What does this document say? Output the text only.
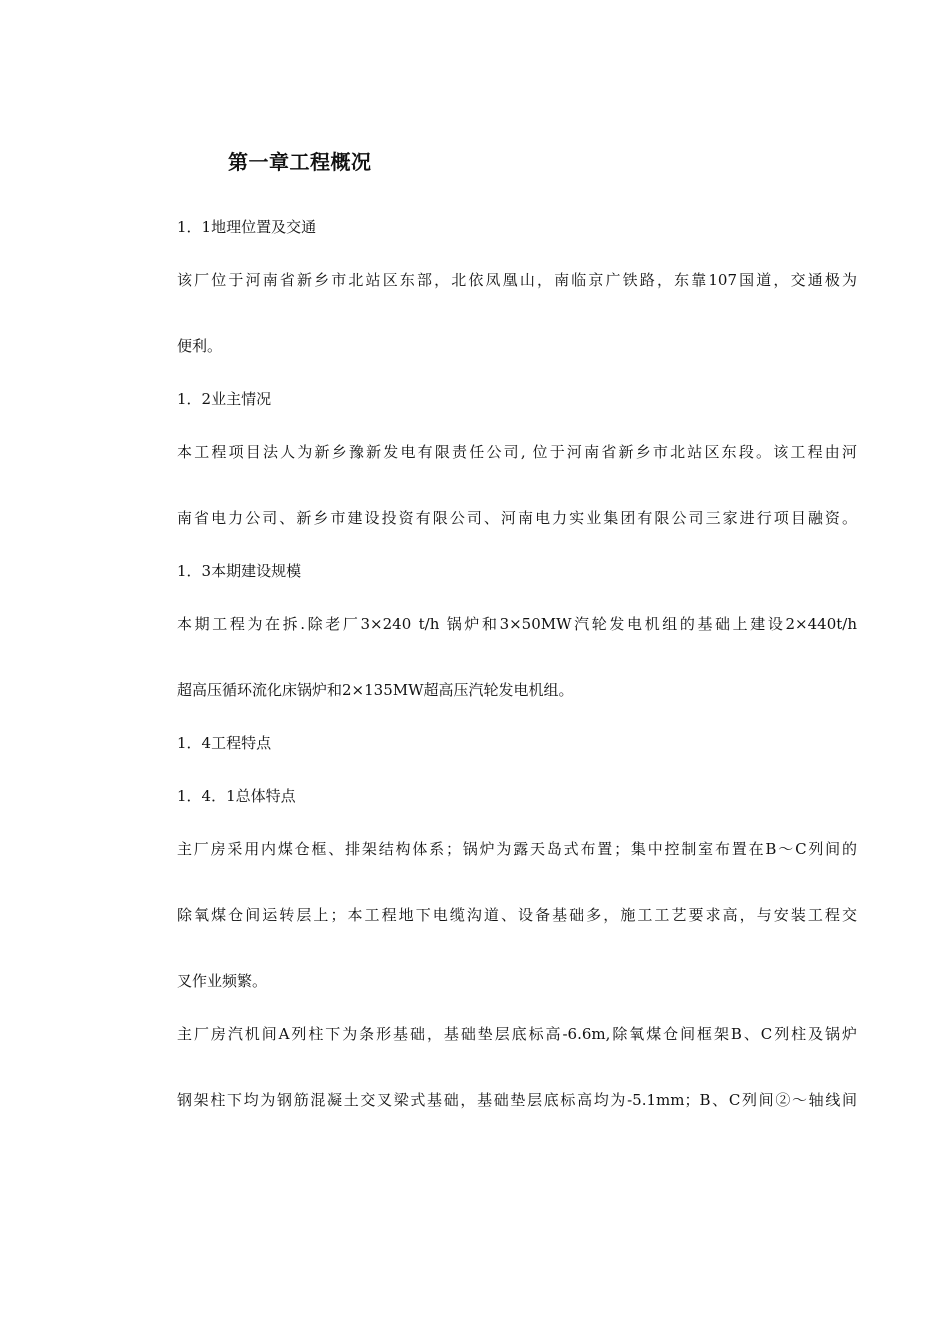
第一章工程概况
1．1地理位置及交通
该厂位于河南省新乡市北站区东部，北依凤凰山，南临京广铁路，东靠107国道，交通极为
便利。
1．2业主情况
本工程项目法人为新乡豫新发电有限责任公司, 位于河南省新乡市北站区东段。该工程由河
南省电力公司、新乡市建设投资有限公司、河南电力实业集团有限公司三家进行项目融资。
1．3本期建设规模
本期工程为在拆.除老厂3×240 t/h 锅炉和3×50MW汽轮发电机组的基础上建设2×440t/h
超高压循环流化床锅炉和2×135MW超高压汽轮发电机组。
1．4工程特点
1．4．1总体特点
主厂房采用内煤仓框、排架结构体系；锅炉为露天岛式布置；集中控制室布置在B～C列间的
除氧煤仓间运转层上；本工程地下电缆沟道、设备基础多，施工工艺要求高，与安装工程交
叉作业频繁。
主厂房汽机间A列柱下为条形基础，基础垫层底标高-6.6m,除氧煤仓间框架B、C列柱及锅炉
钢架柱下均为钢筋混凝土交叉梁式基础，基础垫层底标高均为-5.1mm；B、C列间②～轴线间
